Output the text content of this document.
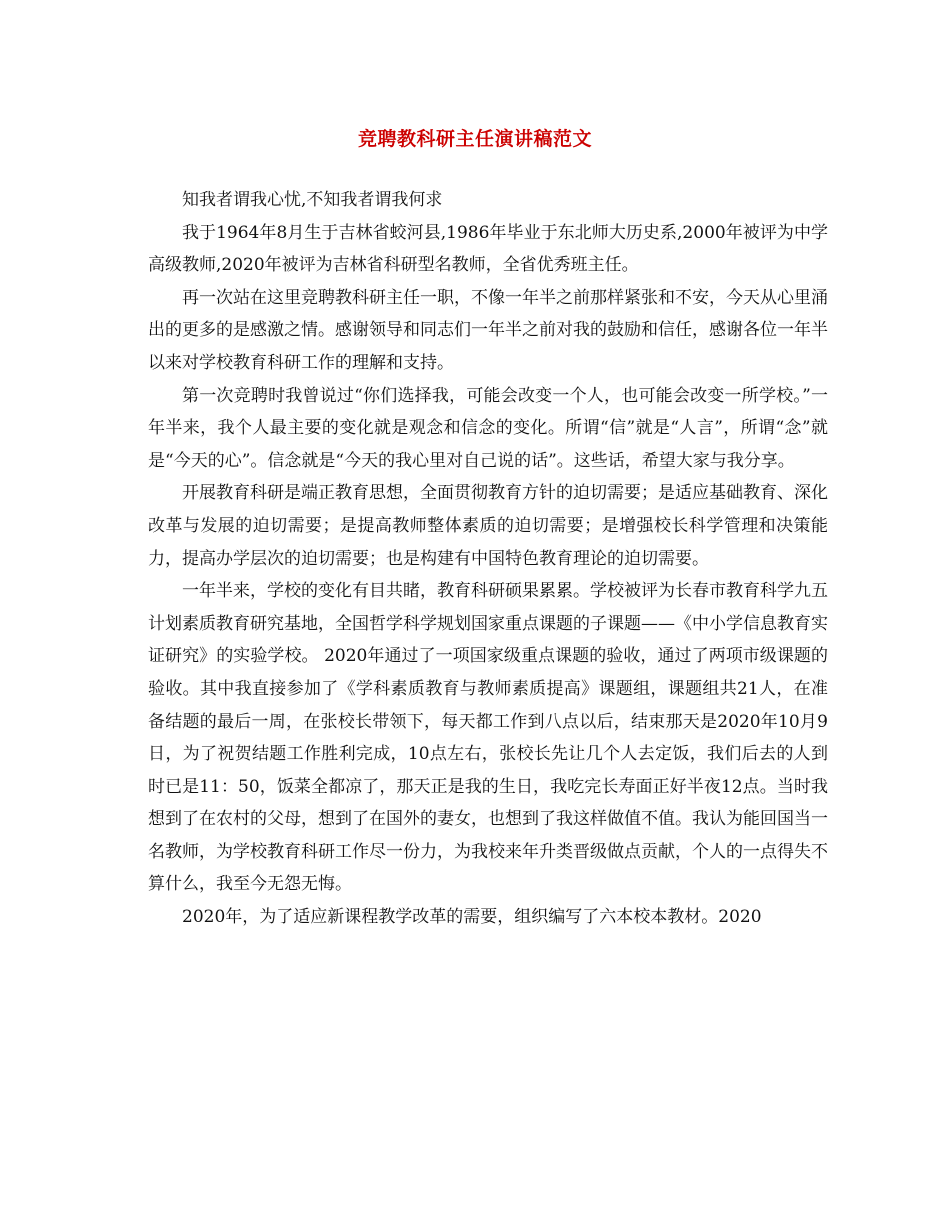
竞聘教科研主任演讲稿范文

知我者谓我心忧,不知我者谓我何求

我于1964年8月生于吉林省蛟河县,1986年毕业于东北师大历史系,2000年被评为中学高级教师,2020年被评为吉林省科研型名教师，全省优秀班主任。

再一次站在这里竞聘教科研主任一职，不像一年半之前那样紧张和不安，今天从心里涌出的更多的是感激之情。感谢领导和同志们一年半之前对我的鼓励和信任，感谢各位一年半以来对学校教育科研工作的理解和支持。

第一次竞聘时我曾说过“你们选择我，可能会改变一个人，也可能会改变一所学校。”一年半来，我个人最主要的变化就是观念和信念的变化。所谓“信”就是“人言”，所谓“念”就是“今天的心”。信念就是“今天的我心里对自己说的话”。这些话，希望大家与我分享。

开展教育科研是端正教育思想，全面贯彻教育方针的迫切需要；是适应基础教育、深化改革与发展的迫切需要；是提高教师整体素质的迫切需要；是增强校长科学管理和决策能力，提高办学层次的迫切需要；也是构建有中国特色教育理论的迫切需要。

一年半来，学校的变化有目共睹，教育科研硕果累累。学校被评为长春市教育科学九五计划素质教育研究基地，全国哲学科学规划国家重点课题的子课题——《中小学信息教育实证研究》的实验学校。 2020年通过了一项国家级重点课题的验收，通过了两项市级课题的验收。其中我直接参加了《学科素质教育与教师素质提高》课题组，课题组共21人，在准备结题的最后一周，在张校长带领下，每天都工作到八点以后，结束那天是2020年10月9日，为了祝贺结题工作胜利完成，10点左右，张校长先让几个人去定饭，我们后去的人到时已是11：50，饭菜全都凉了，那天正是我的生日，我吃完长寿面正好半夜12点。当时我想到了在农村的父母，想到了在国外的妻女，也想到了我这样做值不值。我认为能回国当一名教师，为学校教育科研工作尽一份力，为我校来年升类晋级做点贡献，个人的一点得失不算什么，我至今无怨无悔。

2020年，为了适应新课程教学改革的需要，组织编写了六本校本教材。2020
